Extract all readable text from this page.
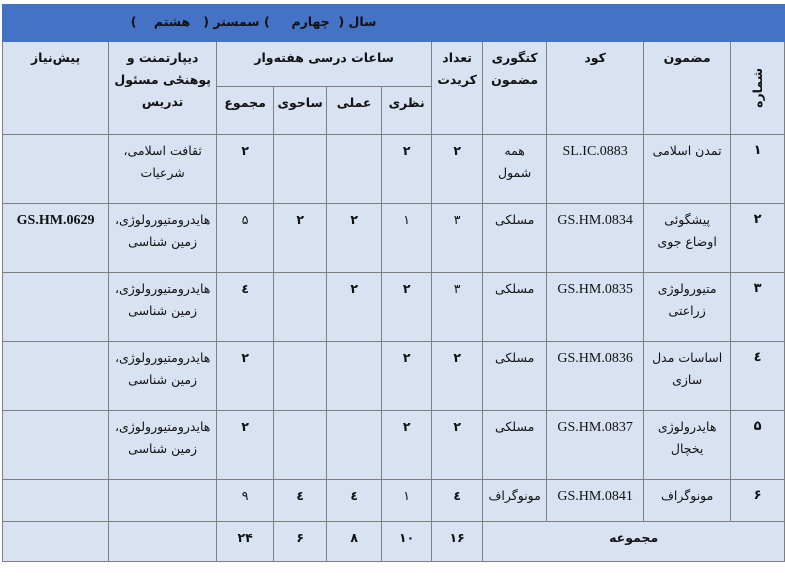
سال (  چهارم     ) سمستر (   هشتم    )										
شماره	مضمون	کود	کتگوری مضمون	تعداد کریدت	ساعات درسی هفته‌وار				دیپارتمنت و پوهنځی مسئول تدریس	پیش‌نیاز
					نظری	عملی	ساحوی	مجموع		
۱	تمدن اسلامی	SL.IC.0883	همه شمول	۲	۲			۲	ثقافت اسلامی، شرعیات	
۲	پیشگوئی اوضاع جوی	GS.HM.0834	مسلکی	۳	۱	۲	۲	۵	هایدرومتیورولوژی، زمین شناسی	GS.HM.0629
۳	متیورولوژی زراعتی	GS.HM.0835	مسلکی	۳	۲	۲		٤	هایدرومتیورولوژی، زمین شناسی	
٤	اساسات مدل سازی	GS.HM.0836	مسلکی	۲	۲			۲	هایدرومتیورولوژی، زمین شناسی	
۵	هایدرولوژی یخچال	GS.HM.0837	مسلکی	۲	۲			۲	هایدرومتیورولوژی، زمین شناسی	
۶	مونوگراف	GS.HM.0841	مونوگراف	٤	۱	٤	٤	۹		
مجموعه				۱۶	۱۰	۸	۶	۲۴		
